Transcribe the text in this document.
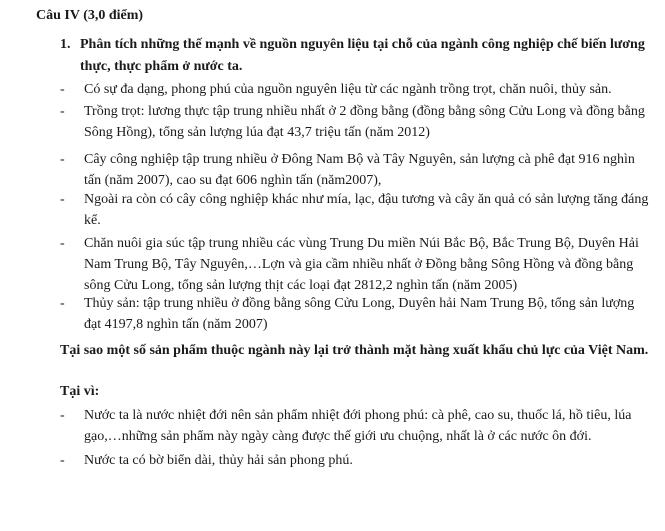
Câu IV (3,0 điểm)
1. Phân tích những thế mạnh về nguồn nguyên liệu tại chỗ của ngành công nghiệp chế biến lương thực, thực phẩm ở nước ta.
- Có sự đa dạng, phong phú của nguồn nguyên liệu từ các ngành trồng trọt, chăn nuôi, thủy sản.
- Trồng trọt: lương thực tập trung nhiều nhất ở 2 đồng bằng (đồng bằng sông Cửu Long và đồng bằng Sông Hồng), tổng sản lượng lúa đạt 43,7 triệu tấn (năm 2012)
- Cây công nghiệp tập trung nhiều ở Đông Nam Bộ và Tây Nguyên, sản lượng cà phê đạt 916 nghìn tấn (năm 2007), cao su đạt 606 nghìn tấn (năm2007),
- Ngoài ra còn có cây công nghiệp khác như mía, lạc, đậu tương và cây ăn quả có sản lượng tăng đáng kể.
- Chăn nuôi gia súc tập trung nhiều các vùng Trung Du miền Núi Bắc Bộ, Bắc Trung Bộ, Duyên Hải Nam Trung Bộ, Tây Nguyên,…Lợn và gia cầm nhiều nhất ở Đồng bằng Sông Hồng và đồng bằng sông Cửu Long, tổng sản lượng thịt các loại đạt 2812,2 nghìn tấn (năm 2005)
- Thủy sản: tập trung nhiều ở đồng bằng sông Cửu Long, Duyên hải Nam Trung Bộ, tổng sản lượng đạt 4197,8 nghìn tấn (năm 2007)
Tại sao một số sản phẩm thuộc ngành này lại trở thành mặt hàng xuất khẩu chủ lực của Việt Nam.
Tại vì:
- Nước ta là nước nhiệt đới nên sản phẩm nhiệt đới phong phú: cà phê, cao su, thuốc lá, hồ tiêu, lúa gạo,…những sản phẩm này ngày càng được thế giới ưu chuộng, nhất là ở các nước ôn đới.
- Nước ta có bờ biển dài, thủy hải sản phong phú.
